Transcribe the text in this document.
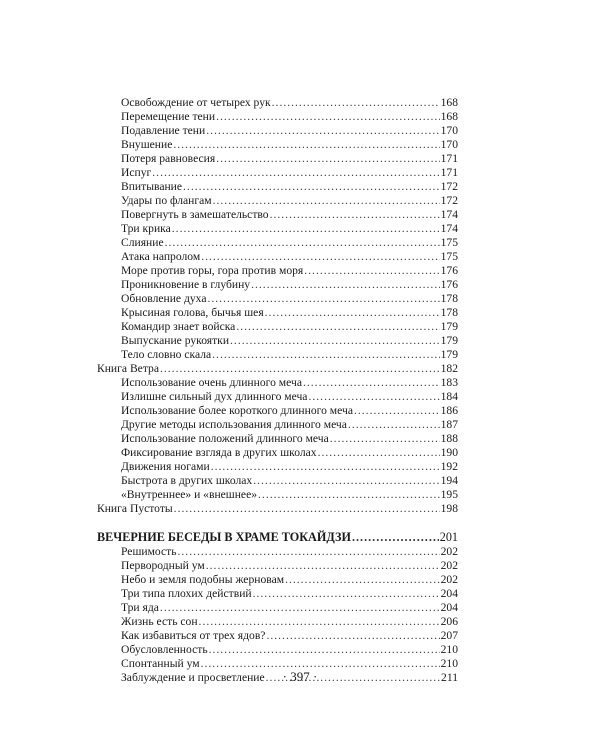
Освобождение от четырех рук .....	168
Перемещение тени .....	168
Подавление тени .....	170
Внушение .....	170
Потеря равновесия .....	171
Испуг .....	171
Впитывание .....	172
Удары по флангам .....	172
Повергнуть в замешательство .....	174
Три крика .....	174
Слияние .....	175
Атака напролом .....	175
Море против горы, гора против моря .....	176
Проникновение в глубину .....	176
Обновление духа .....	178
Крысиная голова, бычья шея .....	178
Командир знает войска .....	179
Выпускание рукоятки .....	179
Тело словно скала .....	179
Книга Ветра .....	182
Использование очень длинного меча .....	183
Излишне сильный дух длинного меча .....	184
Использование более короткого длинного меча .....	186
Другие методы использования длинного меча .....	187
Использование положений длинного меча .....	188
Фиксирование взгляда в других школах .....	190
Движения ногами .....	192
Быстрота в других школах .....	194
«Внутреннее» и «внешнее» .....	195
Книга Пустоты .....	198
ВЕЧЕРНИЕ БЕСЕДЫ В ХРАМЕ ТОКАЙДЗИ .....	201
Решимость .....	202
Первородный ум .....	202
Небо и земля подобны жерновам .....	202
Три типа плохих действий .....	204
Три яда .....	204
Жизнь есть сон .....	206
Как избавиться от трех ядов? .....	207
Обусловленность .....	210
Спонтанный ум .....	210
Заблуждение и просветление .....	211
· 397 ·
